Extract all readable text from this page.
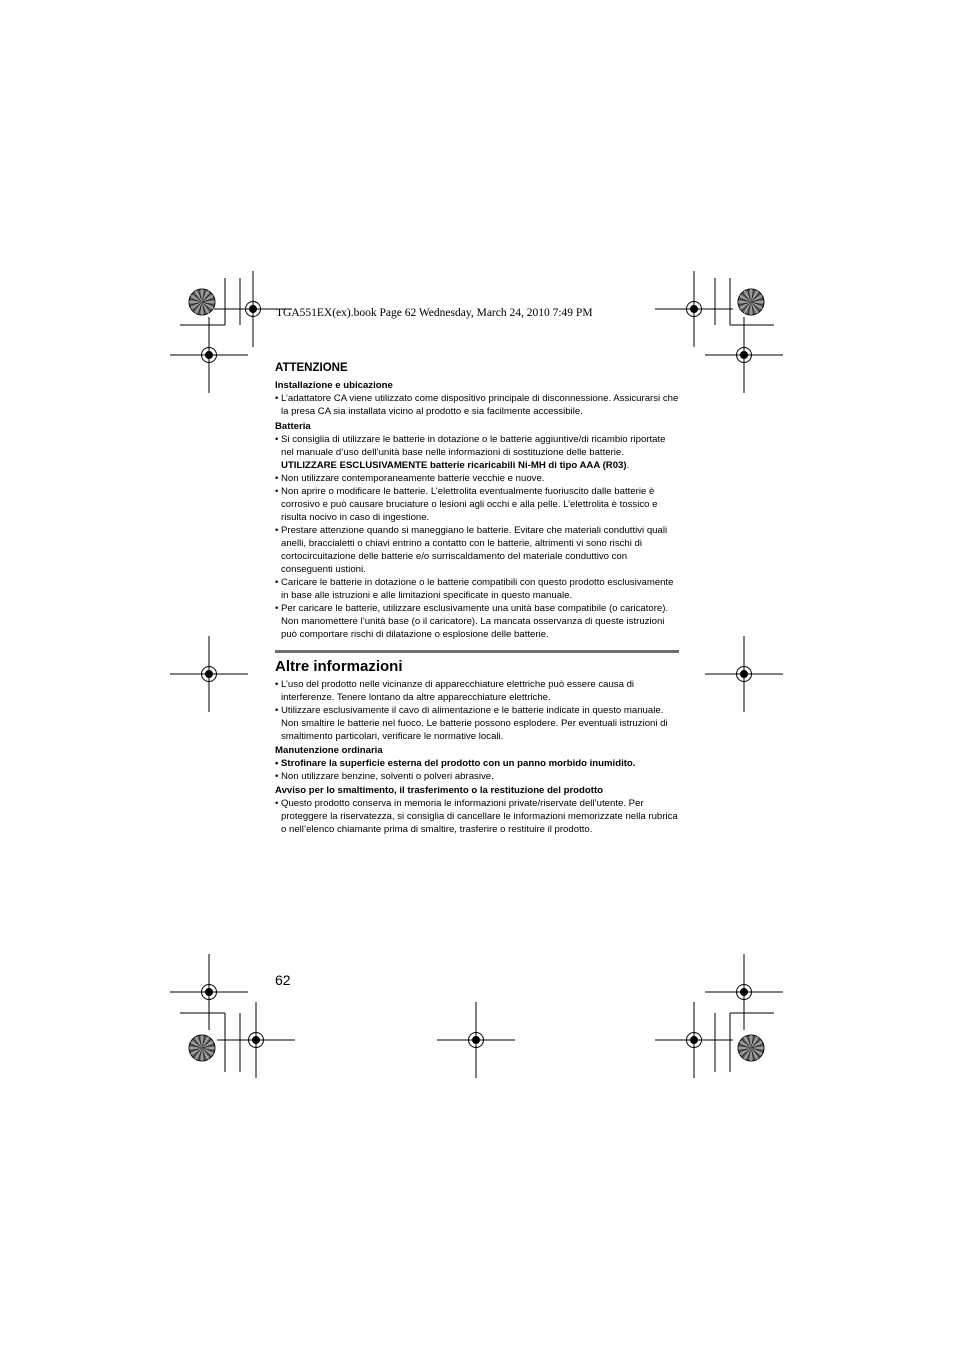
TGA551EX(ex).book Page 62 Wednesday, March 24, 2010 7:49 PM
ATTENZIONE
Installazione e ubicazione
• L’adattatore CA viene utilizzato come dispositivo principale di disconnessione. Assicurarsi che la presa CA sia installata vicino al prodotto e sia facilmente accessibile.
Batteria
• Si consiglia di utilizzare le batterie in dotazione o le batterie aggiuntive/di ricambio riportate nel manuale d’uso dell’unità base nelle informazioni di sostituzione delle batterie.
UTILIZZARE ESCLUSIVAMENTE batterie ricaricabili Ni-MH di tipo AAA (R03).
• Non utilizzare contemporaneamente batterie vecchie e nuove.
• Non aprire o modificare le batterie. L’elettrolita eventualmente fuoriuscito dalle batterie è corrosivo e può causare bruciature o lesioni agli occhi e alla pelle. L’elettrolita è tossico e risulta nocivo in caso di ingestione.
• Prestare attenzione quando si maneggiano le batterie. Evitare che materiali conduttivi quali anelli, braccialetti o chiavi entrino a contatto con le batterie, altrimenti vi sono rischi di cortocircuitazione delle batterie e/o surriscaldamento del materiale conduttivo con conseguenti ustioni.
• Caricare le batterie in dotazione o le batterie compatibili con questo prodotto esclusivamente in base alle istruzioni e alle limitazioni specificate in questo manuale.
• Per caricare le batterie, utilizzare esclusivamente una unità base compatibile (o caricatore). Non manomettere l’unità base (o il caricatore). La mancata osservanza di queste istruzioni può comportare rischi di dilatazione o esplosione delle batterie.
Altre informazioni
• L’uso del prodotto nelle vicinanze di apparecchiature elettriche può essere causa di interferenze. Tenere lontano da altre apparecchiature elettriche.
• Utilizzare esclusivamente il cavo di alimentazione e le batterie indicate in questo manuale. Non smaltire le batterie nel fuoco. Le batterie possono esplodere. Per eventuali istruzioni di smaltimento particolari, verificare le normative locali.
Manutenzione ordinaria
• Strofinare la superficie esterna del prodotto con un panno morbido inumidito.
• Non utilizzare benzine, solventi o polveri abrasive.
Avviso per lo smaltimento, il trasferimento o la restituzione del prodotto
• Questo prodotto conserva in memoria le informazioni private/riservate dell’utente. Per proteggere la riservatezza, si consiglia di cancellare le informazioni memorizzate nella rubrica o nell’elenco chiamante prima di smaltire, trasferire o restituire il prodotto.
62
